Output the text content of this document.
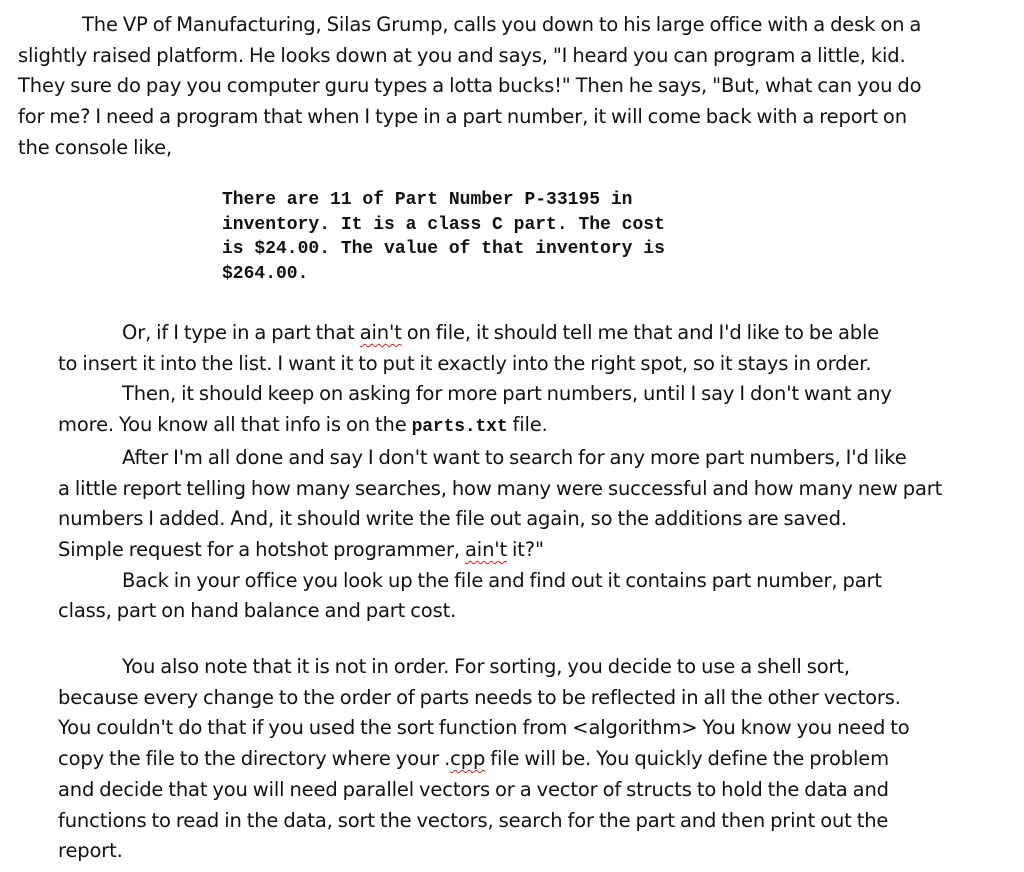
The VP of Manufacturing, Silas Grump, calls you down to his large office with a desk on a
slightly raised platform. He looks down at you and says, "I heard you can program a little, kid.
They sure do pay you computer guru types a lotta bucks!" Then he says, "But, what can you do
for me? I need a program that when I type in a part number, it will come back with a report on
the console like,
There are 11 of Part Number P-33195 in
inventory. It is a class C part. The cost
is $24.00. The value of that inventory is
$264.00.
Or, if I type in a part that ain't on file, it should tell me that and I'd like to be able
to insert it into the list. I want it to put it exactly into the right spot, so it stays in order.
Then, it should keep on asking for more part numbers, until I say I don't want any
more. You know all that info is on the parts.txt file.
After I'm all done and say I don't want to search for any more part numbers, I'd like
a little report telling how many searches, how many were successful and how many new part
numbers I added. And, it should write the file out again, so the additions are saved.
Simple request for a hotshot programmer, ain't it?"
Back in your office you look up the file and find out it contains part number, part
class, part on hand balance and part cost.
You also note that it is not in order. For sorting, you decide to use a shell sort,
because every change to the order of parts needs to be reflected in all the other vectors.
You couldn't do that if you used the sort function from <algorithm> You know you need to
copy the file to the directory where your .cpp file will be. You quickly define the problem
and decide that you will need parallel vectors or a vector of structs to hold the data and
functions to read in the data, sort the vectors, search for the part and then print out the
report.
